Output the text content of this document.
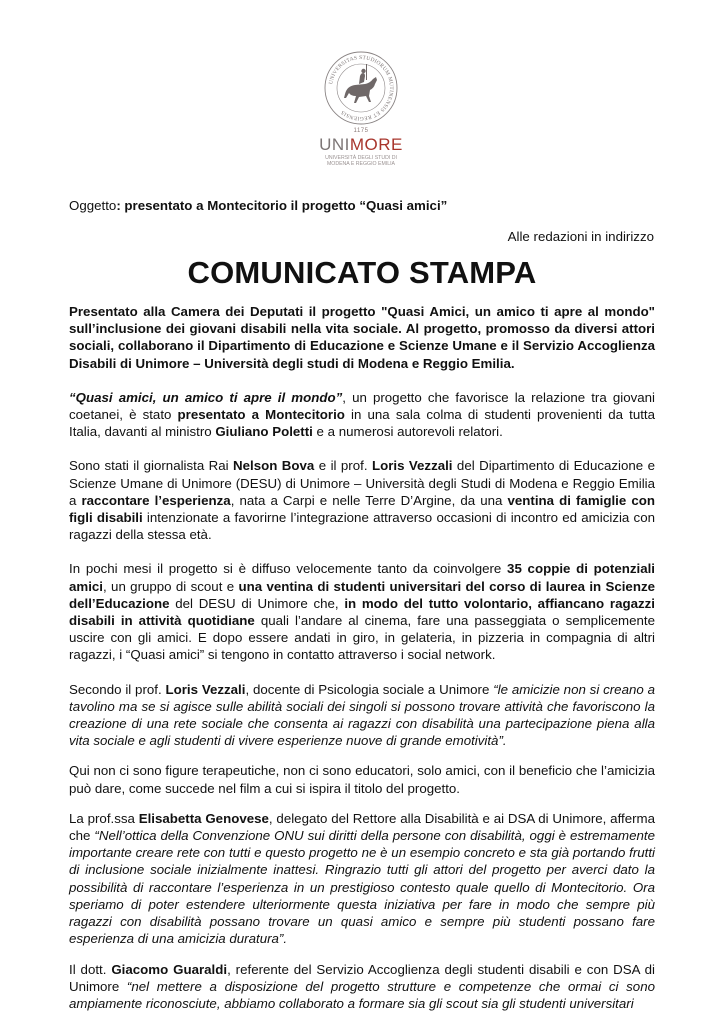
UNIVERSITAS STUDIORUM MUTINENSIS ET REGIENSIS
1175
UNIMORE
UNIVERSITÀ DEGLI STUDI DI
MODENA E REGGIO EMILIA
Oggetto: presentato a Montecitorio il progetto “Quasi amici”
Alle redazioni in indirizzo
COMUNICATO STAMPA

Presentato alla Camera dei Deputati il progetto "Quasi Amici, un amico ti apre al mondo" sull’inclusione dei giovani disabili nella vita sociale. Al progetto, promosso da diversi attori sociali, collaborano il Dipartimento di Educazione e Scienze Umane e il Servizio Accoglienza Disabili di Unimore – Università degli studi di Modena e Reggio Emilia.

“Quasi amici, un amico ti apre il mondo”, un progetto che favorisce la relazione tra giovani coetanei, è stato presentato a Montecitorio in una sala colma di studenti provenienti da tutta Italia, davanti al ministro Giuliano Poletti e a numerosi autorevoli relatori.

Sono stati il giornalista Rai Nelson Bova e il prof. Loris Vezzali del Dipartimento di Educazione e Scienze Umane di Unimore (DESU) di Unimore – Università degli Studi di Modena e Reggio Emilia a raccontare l’esperienza, nata a Carpi e nelle Terre D’Argine, da una ventina di famiglie con figli disabili intenzionate a favorirne l’integrazione attraverso occasioni di incontro ed amicizia con ragazzi della stessa età.

In pochi mesi il progetto si è diffuso velocemente tanto da coinvolgere 35 coppie di potenziali amici, un gruppo di scout e una ventina di studenti universitari del corso di laurea in Scienze dell’Educazione del DESU di Unimore che, in modo del tutto volontario, affiancano ragazzi disabili in attività quotidiane quali l’andare al cinema, fare una passeggiata o semplicemente uscire con gli amici. E dopo essere andati in giro, in gelateria, in pizzeria in compagnia di altri ragazzi, i “Quasi amici” si tengono in contatto attraverso i social network.

Secondo il prof. Loris Vezzali, docente di Psicologia sociale a Unimore “le amicizie non si creano a tavolino ma se si agisce sulle abilità sociali dei singoli si possono trovare attività che favoriscono la creazione di una rete sociale che consenta ai ragazzi con disabilità una partecipazione piena alla vita sociale e agli studenti di vivere esperienze nuove di grande emotività”.

Qui non ci sono figure terapeutiche, non ci sono educatori, solo amici, con il beneficio che l’amicizia può dare, come succede nel film a cui si ispira il titolo del progetto.

La prof.ssa Elisabetta Genovese, delegato del Rettore alla Disabilità e ai DSA di Unimore, afferma che “Nell’ottica della Convenzione ONU sui diritti della persone con disabilità, oggi è estremamente importante creare rete con tutti e questo progetto ne è un esempio concreto e sta già portando frutti di inclusione sociale inizialmente inattesi. Ringrazio tutti gli attori del progetto per averci dato la possibilità di raccontare l’esperienza in un prestigioso contesto quale quello di Montecitorio. Ora speriamo di poter estendere ulteriormente questa iniziativa per fare in modo che sempre più ragazzi con disabilità possano trovare un quasi amico e sempre più studenti possano fare esperienza di una amicizia duratura”.

Il dott. Giacomo Guaraldi, referente del Servizio Accoglienza degli studenti disabili e con DSA di Unimore “nel mettere a disposizione del progetto strutture e competenze che ormai ci sono ampiamente riconosciute, abbiamo collaborato a formare sia gli scout sia gli studenti universitari
